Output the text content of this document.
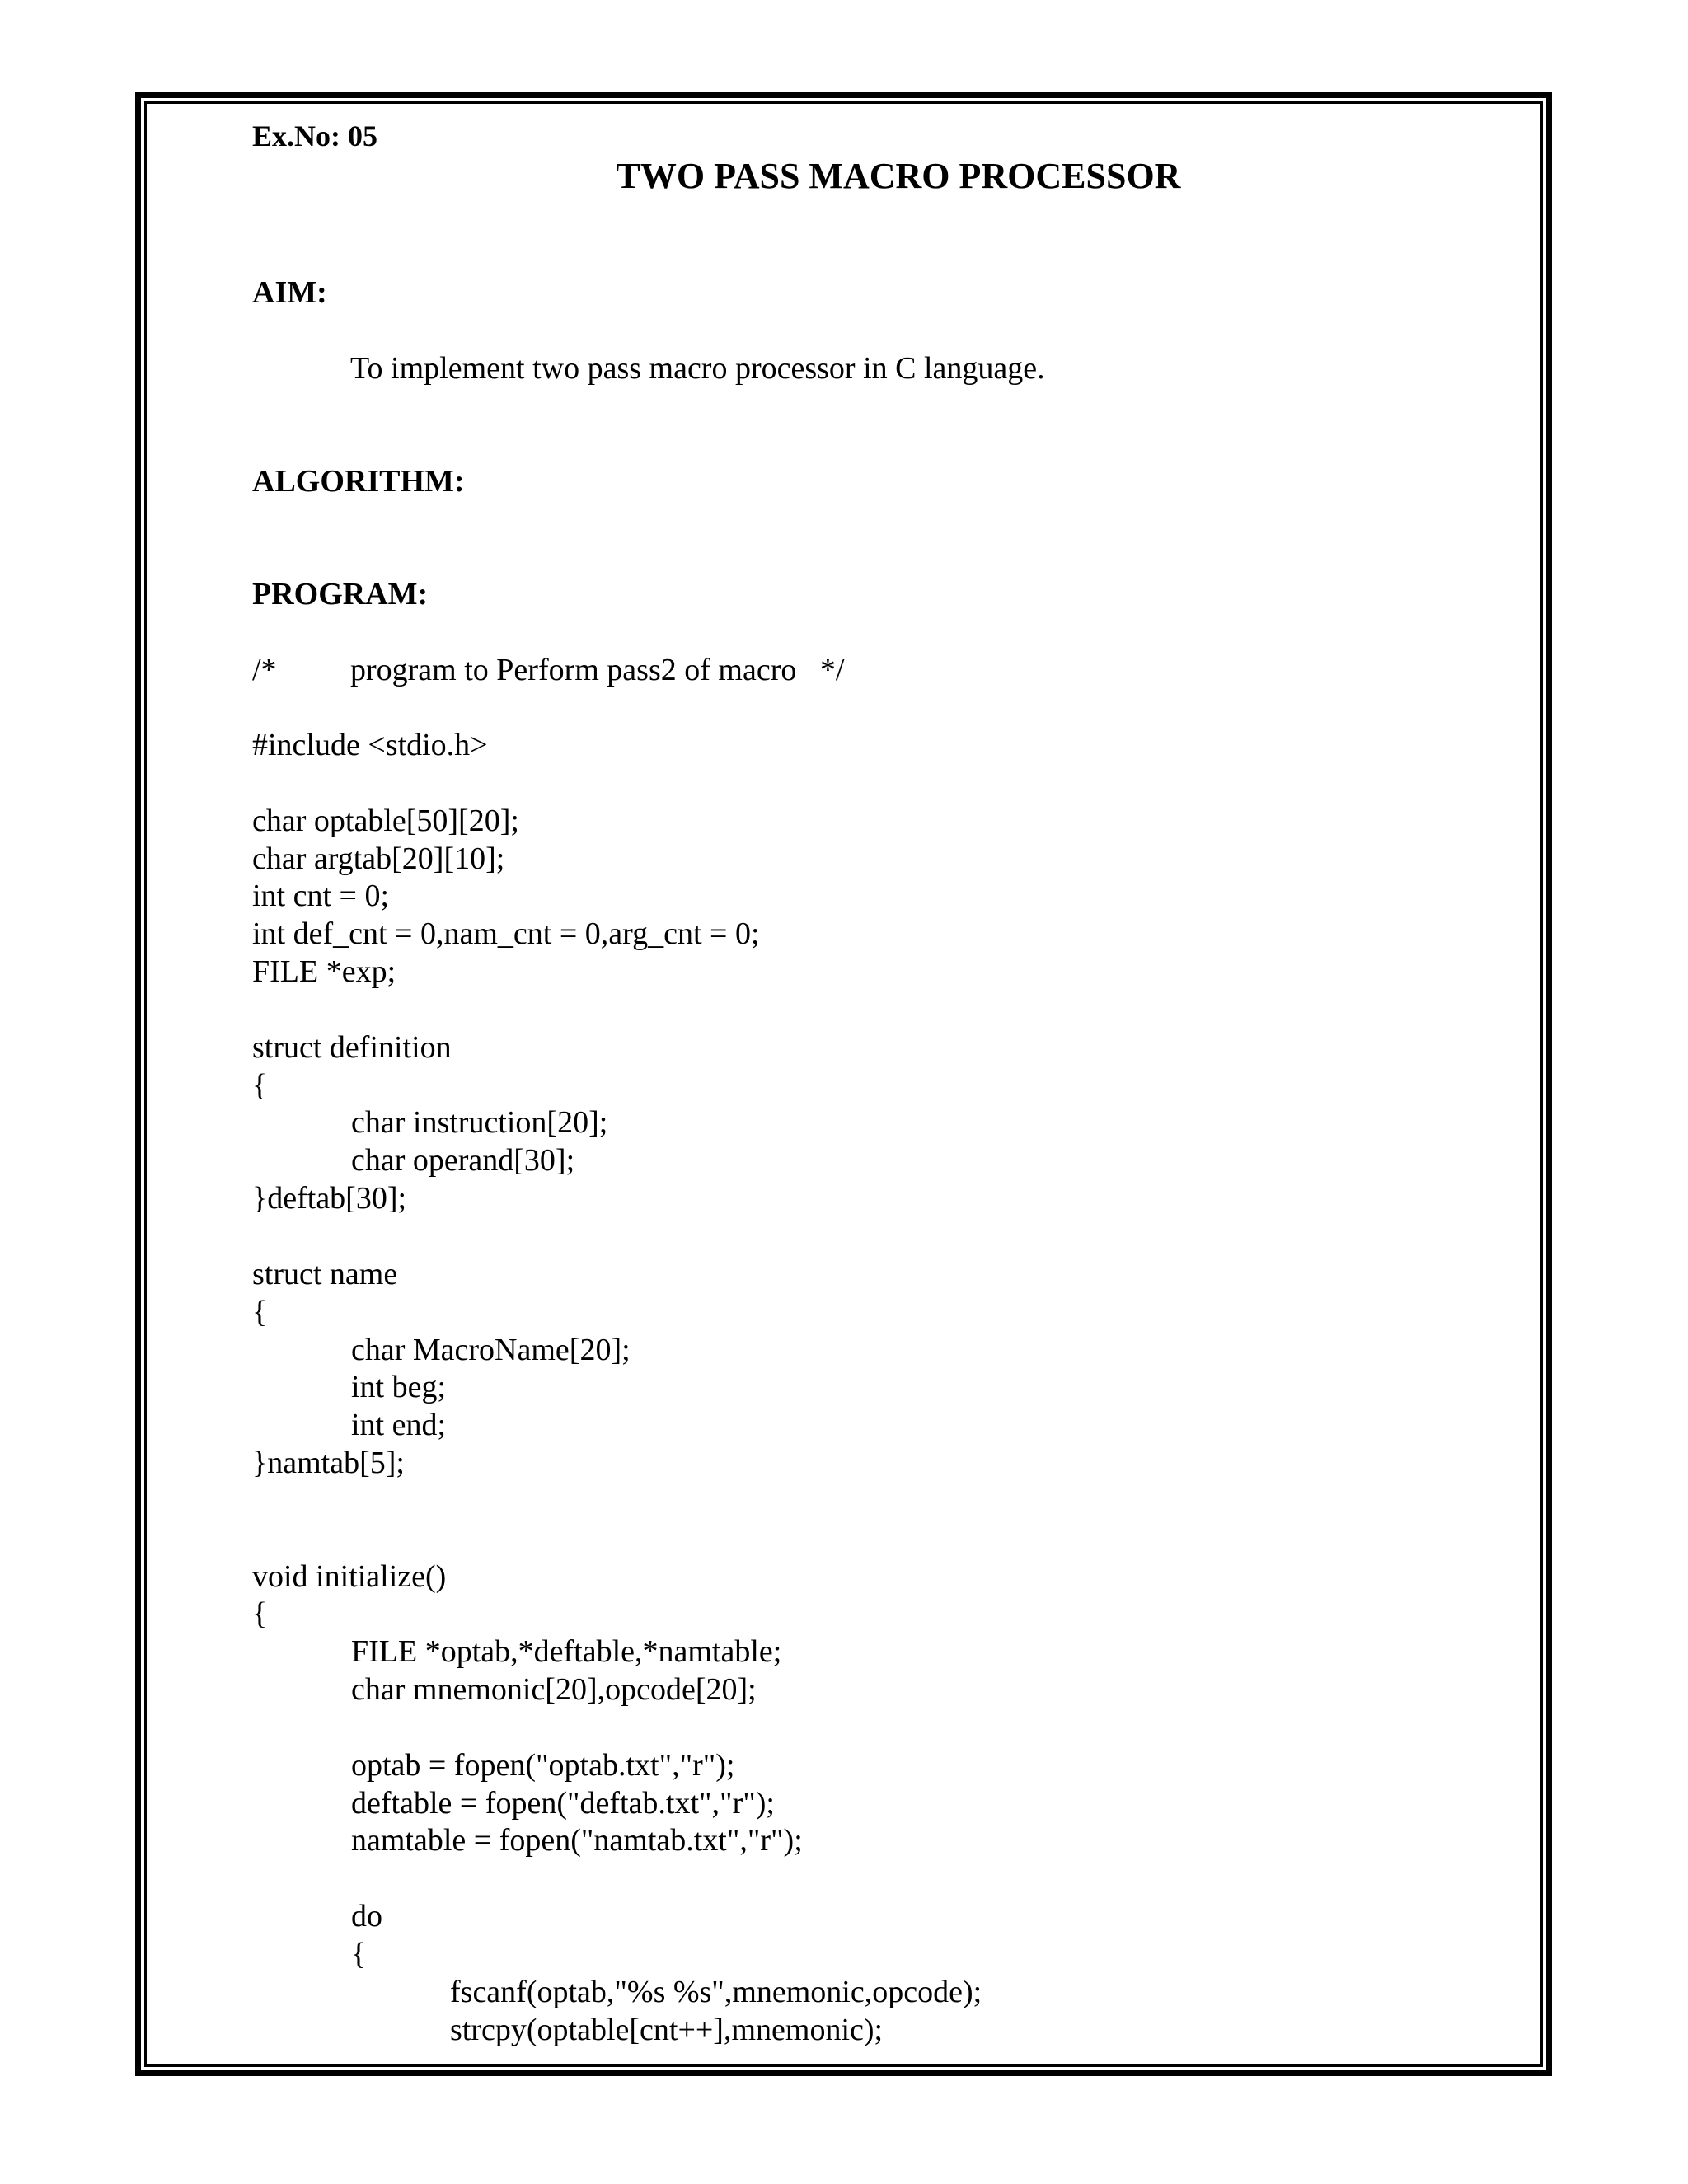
Ex.No: 05

TWO PASS MACRO PROCESSOR

AIM:

To implement two pass macro processor in C language.

ALGORITHM:

PROGRAM:

/* program to Perform pass2 of macro   */

#include <stdio.h>
char optable[50][20];
char argtab[20][10];
int cnt = 0;
int def_cnt = 0,nam_cnt = 0,arg_cnt = 0;
FILE *exp;
struct definition
{
char instruction[20];
char operand[30];
}deftab[30];
struct name
{
char MacroName[20];
int beg;
int end;
}namtab[5];
void initialize()
{
FILE *optab,*deftable,*namtable;
char mnemonic[20],opcode[20];
optab = fopen("optab.txt","r");
deftable = fopen("deftab.txt","r");
namtable = fopen("namtab.txt","r");
do
{
fscanf(optab,"%s %s",mnemonic,opcode);
strcpy(optable[cnt++],mnemonic);
